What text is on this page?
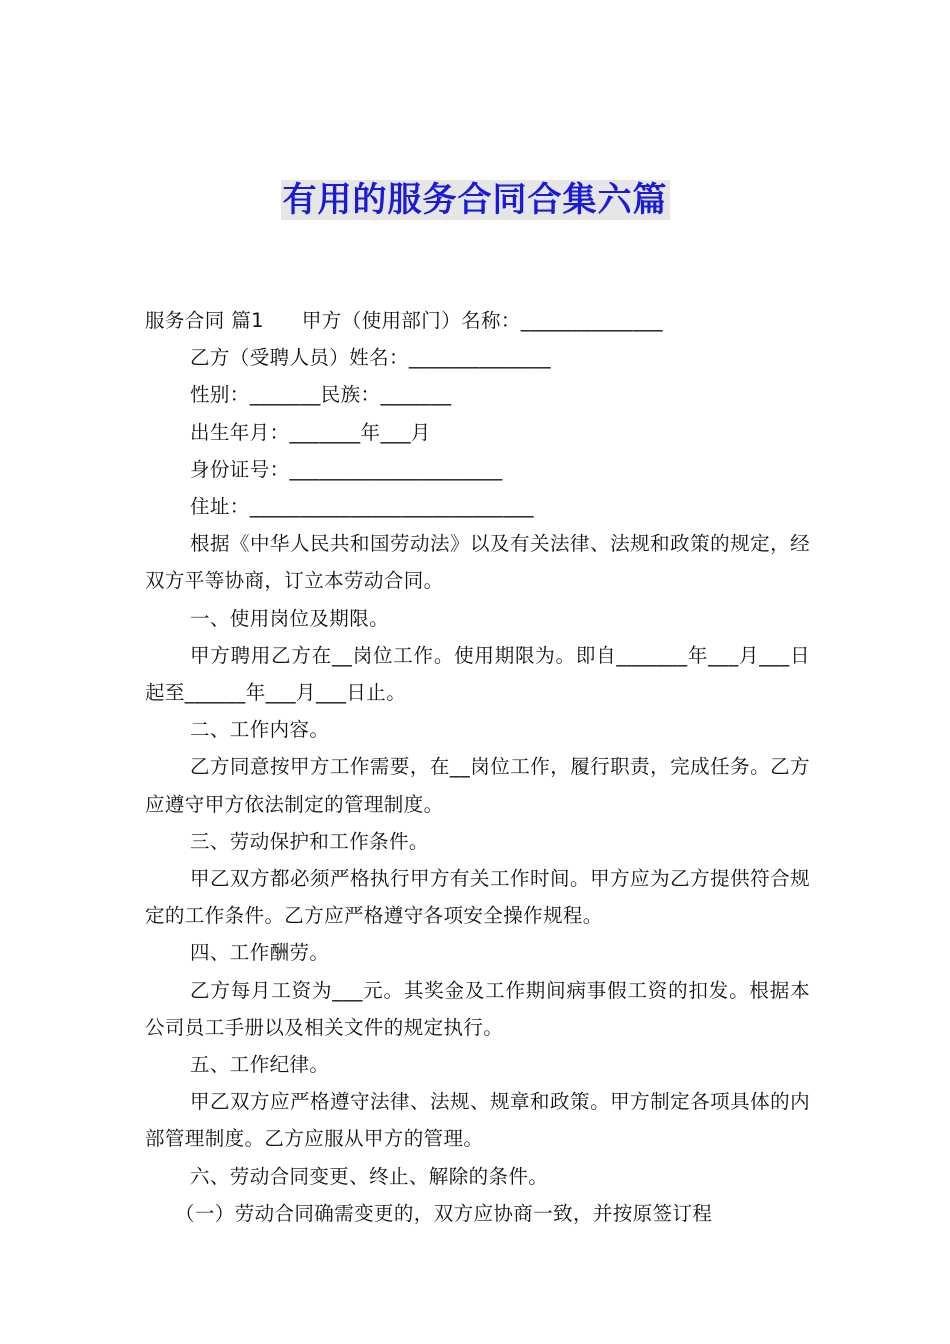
有用的服务合同合集六篇

服务合同 篇1 甲方（使用部门）名称：______________

乙方（受聘人员）姓名：______________

性别：_______民族：_______

出生年月：_______年___月

身份证号：_____________________

住址：____________________________

根据《中华人民共和国劳动法》以及有关法律、法规和政策的规定，经双方平等协商，订立本劳动合同。

一、使用岗位及期限。

甲方聘用乙方在__岗位工作。使用期限为。即自_______年___月___日起至______年___月___日止。

二、工作内容。

乙方同意按甲方工作需要，在__岗位工作，履行职责，完成任务。乙方应遵守甲方依法制定的管理制度。

三、劳动保护和工作条件。

甲乙双方都必须严格执行甲方有关工作时间。甲方应为乙方提供符合规定的工作条件。乙方应严格遵守各项安全操作规程。

四、工作酬劳。

乙方每月工资为___元。其奖金及工作期间病事假工资的扣发。根据本公司员工手册以及相关文件的规定执行。

五、工作纪律。

甲乙双方应严格遵守法律、法规、规章和政策。甲方制定各项具体的内部管理制度。乙方应服从甲方的管理。

六、劳动合同变更、终止、解除的条件。

（一）劳动合同确需变更的，双方应协商一致，并按原签订程
